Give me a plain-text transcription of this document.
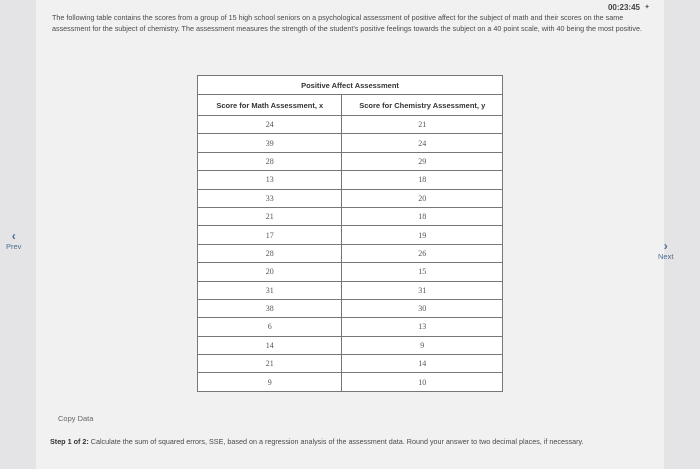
00:23:45 ✦
The following table contains the scores from a group of 15 high school seniors on a psychological assessment of positive affect for the subject of math and their scores on the same assessment for the subject of chemistry. The assessment measures the strength of the student's positive feelings towards the subject on a 40 point scale, with 40 being the most positive.
‹
Prev	›
Next
Positive Affect Assessment	
Score for Math Assessment, x	Score for Chemistry Assessment, y
24	21
39	24
28	29
13	18
33	20
21	18
17	19
28	26
20	15
31	31
38	30
6	13
14	9
21	14
9	10
Copy Data
Step 1 of 2: Calculate the sum of squared errors, SSE, based on a regression analysis of the assessment data. Round your answer to two decimal places, if necessary.
